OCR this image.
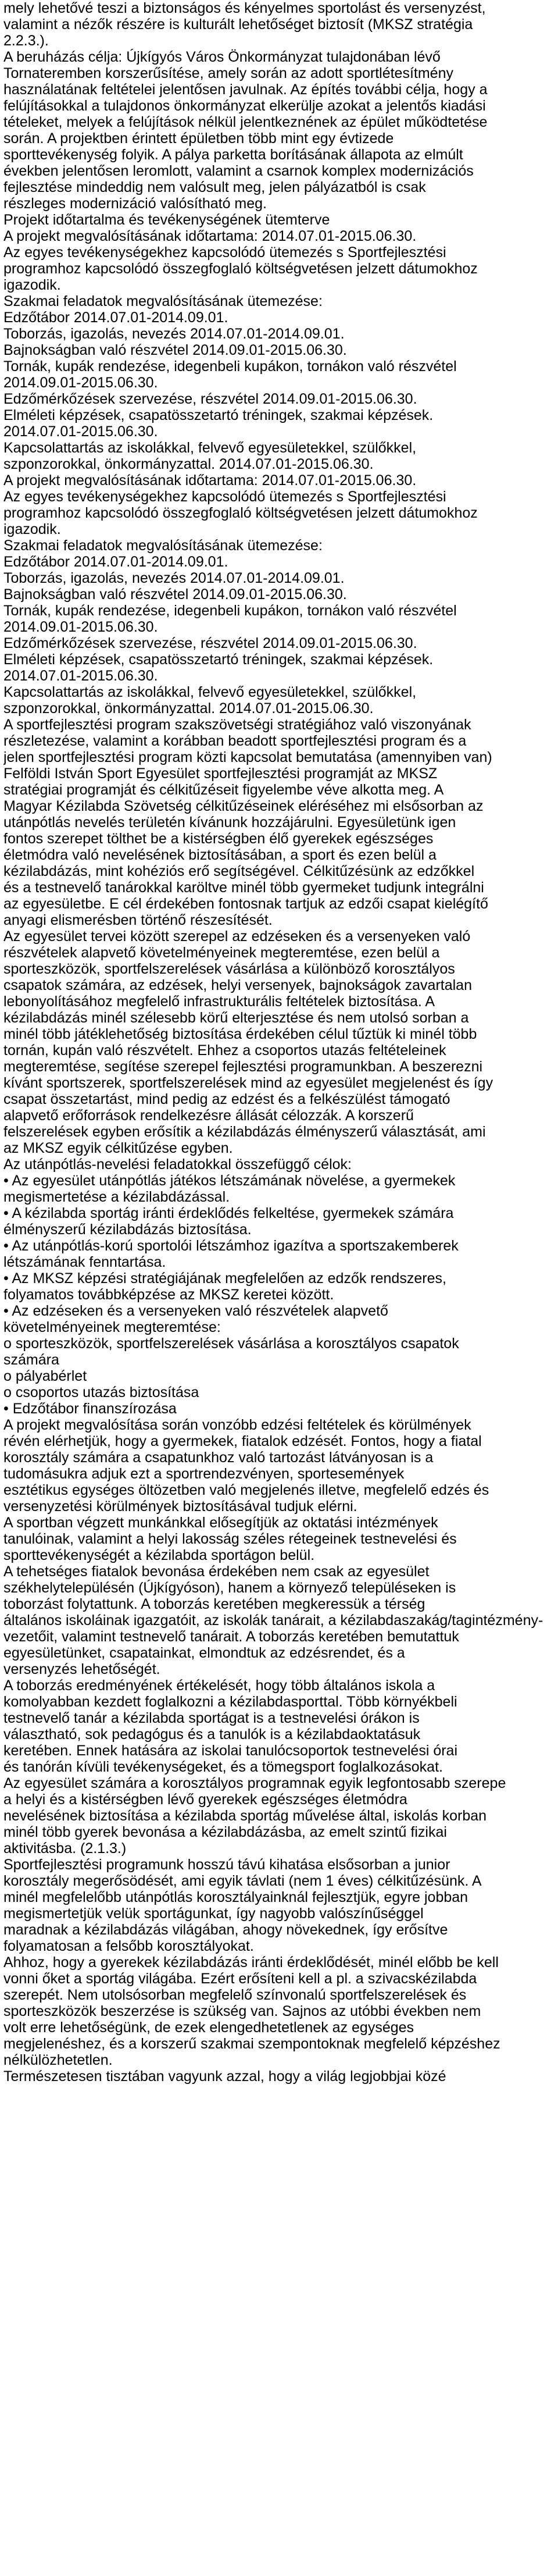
mely lehetővé teszi a biztonságos és kényelmes sportolást és versenyzést,
valamint a nézők részére is kulturált lehetőséget biztosít (MKSZ stratégia
2.2.3.).
A beruházás célja: Újkígyós Város Önkormányzat tulajdonában lévő
Tornateremben korszerűsítése, amely során az adott sportlétesítmény
használatának feltételei jelentősen javulnak. Az építés további célja, hogy a
felújításokkal a tulajdonos önkormányzat elkerülje azokat a jelentős kiadási
tételeket, melyek a felújítások nélkül jelentkeznének az épület működtetése
során. A projektben érintett épületben több mint egy évtizede
sporttevékenység folyik. A pálya parketta borításának állapota az elmúlt
években jelentősen leromlott, valamint a csarnok komplex modernizációs
fejlesztése mindeddig nem valósult meg, jelen pályázatból is csak
részleges modernizáció valósítható meg.
Projekt időtartalma és tevékenységének ütemterve
A projekt megvalósításának időtartama: 2014.07.01-2015.06.30.
Az egyes tevékenységekhez kapcsolódó ütemezés s Sportfejlesztési
programhoz kapcsolódó összegfoglaló költségvetésen jelzett dátumokhoz
igazodik.
Szakmai feladatok megvalósításának ütemezése:
Edzőtábor 2014.07.01-2014.09.01.
Toborzás, igazolás, nevezés 2014.07.01-2014.09.01.
Bajnokságban való részvétel 2014.09.01-2015.06.30.
Tornák, kupák rendezése, idegenbeli kupákon, tornákon való részvétel
2014.09.01-2015.06.30.
Edzőmérkőzések szervezése, részvétel 2014.09.01-2015.06.30.
Elméleti képzések, csapatösszetartó tréningek, szakmai képzések.
2014.07.01-2015.06.30.
Kapcsolattartás az iskolákkal, felvevő egyesületekkel, szülőkkel,
szponzorokkal, önkormányzattal. 2014.07.01-2015.06.30.
A projekt megvalósításának időtartama: 2014.07.01-2015.06.30.
Az egyes tevékenységekhez kapcsolódó ütemezés s Sportfejlesztési
programhoz kapcsolódó összegfoglaló költségvetésen jelzett dátumokhoz
igazodik.
Szakmai feladatok megvalósításának ütemezése:
Edzőtábor 2014.07.01-2014.09.01.
Toborzás, igazolás, nevezés 2014.07.01-2014.09.01.
Bajnokságban való részvétel 2014.09.01-2015.06.30.
Tornák, kupák rendezése, idegenbeli kupákon, tornákon való részvétel
2014.09.01-2015.06.30.
Edzőmérkőzések szervezése, részvétel 2014.09.01-2015.06.30.
Elméleti képzések, csapatösszetartó tréningek, szakmai képzések.
2014.07.01-2015.06.30.
Kapcsolattartás az iskolákkal, felvevő egyesületekkel, szülőkkel,
szponzorokkal, önkormányzattal. 2014.07.01-2015.06.30.
A sportfejlesztési program szakszövetségi stratégiához való viszonyának
részletezése, valamint a korábban beadott sportfejlesztési program és a
jelen sportfejlesztési program közti kapcsolat bemutatása (amennyiben van)
Felföldi István Sport Egyesület sportfejlesztési programját az MKSZ
stratégiai programját és célkitűzéseit figyelembe véve alkotta meg. A
Magyar Kézilabda Szövetség célkitűzéseinek eléréséhez mi elsősorban az
utánpótlás nevelés területén kívánunk hozzájárulni. Egyesületünk igen
fontos szerepet tölthet be a kistérségben élő gyerekek egészséges
életmódra való nevelésének biztosításában, a sport és ezen belül a
kézilabdázás, mint kohéziós erő segítségével. Célkitűzésünk az edzőkkel
és a testnevelő tanárokkal karöltve minél több gyermeket tudjunk integrálni
az egyesületbe. E cél érdekében fontosnak tartjuk az edzői csapat kielégítő
anyagi elismerésben történő részesítését.
Az egyesület tervei között szerepel az edzéseken és a versenyeken való
részvételek alapvető követelményeinek megteremtése, ezen belül a
sporteszközök, sportfelszerelések vásárlása a különböző korosztályos
csapatok számára, az edzések, helyi versenyek, bajnokságok zavartalan
lebonyolításához megfelelő infrastrukturális feltételek biztosítása. A
kézilabdázás minél szélesebb körű elterjesztése és nem utolsó sorban a
minél több játéklehetőség biztosítása érdekében célul tűztük ki minél több
tornán, kupán való részvételt. Ehhez a csoportos utazás feltételeinek
megteremtése, segítése szerepel fejlesztési programunkban. A beszerezni
kívánt sportszerek, sportfelszerelések mind az egyesület megjelenést és így
csapat összetartást, mind pedig az edzést és a felkészülést támogató
alapvető erőforrások rendelkezésre állását célozzák. A korszerű
felszerelések egyben erősítik a kézilabdázás élményszerű választását, ami
az MKSZ egyik célkitűzése egyben.
Az utánpótlás-nevelési feladatokkal összefüggő célok:
• Az egyesület utánpótlás játékos létszámának növelése, a gyermekek
megismertetése a kézilabdázással.
• A kézilabda sportág iránti érdeklődés felkeltése, gyermekek számára
élményszerű kézilabdázás biztosítása.
• Az utánpótlás-korú sportolói létszámhoz igazítva a sportszakemberek
létszámának fenntartása.
• Az MKSZ képzési stratégiájának megfelelően az edzők rendszeres,
folyamatos továbbképzése az MKSZ keretei között.
• Az edzéseken és a versenyeken való részvételek alapvető
követelményeinek megteremtése:
o sporteszközök, sportfelszerelések vásárlása a korosztályos csapatok
számára
o pályabérlet
o csoportos utazás biztosítása
• Edzőtábor finanszírozása
A projekt megvalósítása során vonzóbb edzési feltételek és körülmények
révén elérhetjük, hogy a gyermekek, fiatalok edzését. Fontos, hogy a fiatal
korosztály számára a csapatunkhoz való tartozást látványosan is a
tudomásukra adjuk ezt a sportrendezvényen, sportesemények
esztétikus egységes öltözetben való megjelenés illetve, megfelelő edzés és
versenyzetési körülmények biztosításával tudjuk elérni.
A sportban végzett munkánkkal elősegítjük az oktatási intézmények
tanulóinak, valamint a helyi lakosság széles rétegeinek testnevelési és
sporttevékenységét a kézilabda sportágon belül.
A tehetséges fiatalok bevonása érdekében nem csak az egyesület
székhelytelepülésén (Újkígyóson), hanem a környező településeken is
toborzást folytattunk. A toborzás keretében megkeressük a térség
általános iskoláinak igazgatóit, az iskolák tanárait, a kézilabdaszakág/tagintézmény-
vezetőit, valamint testnevelő tanárait. A toborzás keretében bemutattuk
egyesületünket, csapatainkat, elmondtuk az edzésrendet, és a
versenyzés lehetőségét.
A toborzás eredményének értékelését, hogy több általános iskola a
komolyabban kezdett foglalkozni a kézilabdasporttal. Több környékbeli
testnevelő tanár a kézilabda sportágat is a testnevelési órákon is
választható, sok pedagógus és a tanulók is a kézilabdaoktatásuk
keretében. Ennek hatására az iskolai tanulócsoportok testnevelési órai
és tanórán kívüli tevékenységeket, és a tömegsport foglalkozásokat.
Az egyesület számára a korosztályos programnak egyik legfontosabb szerepe
a helyi és a kistérségben lévő gyerekek egészséges életmódra
nevelésének biztosítása a kézilabda sportág művelése által, iskolás korban
minél több gyerek bevonása a kézilabdázásba, az emelt szintű fizikai
aktivitásba. (2.1.3.)
Sportfejlesztési programunk hosszú távú kihatása elsősorban a junior
korosztály megerősödését, ami egyik távlati (nem 1 éves) célkitűzésünk. A
minél megfelelőbb utánpótlás korosztályainknál fejlesztjük, egyre jobban
megismertetjük velük sportágunkat, így nagyobb valószínűséggel
maradnak a kézilabdázás világában, ahogy növekednek, így erősítve
folyamatosan a felsőbb korosztályokat.
Ahhoz, hogy a gyerekek kézilabdázás iránti érdeklődését, minél előbb be kell
vonni őket a sportág világába. Ezért erősíteni kell a pl. a szivacskézilabda
szerepét. Nem utolsósorban megfelelő színvonalú sportfelszerelések és
sporteszközök beszerzése is szükség van. Sajnos az utóbbi években nem
volt erre lehetőségünk, de ezek elengedhetetlenek az egységes
megjelenéshez, és a korszerű szakmai szempontoknak megfelelő képzéshez
nélkülözhetetlen.
Természetesen tisztában vagyunk azzal, hogy a világ legjobbjai közé
